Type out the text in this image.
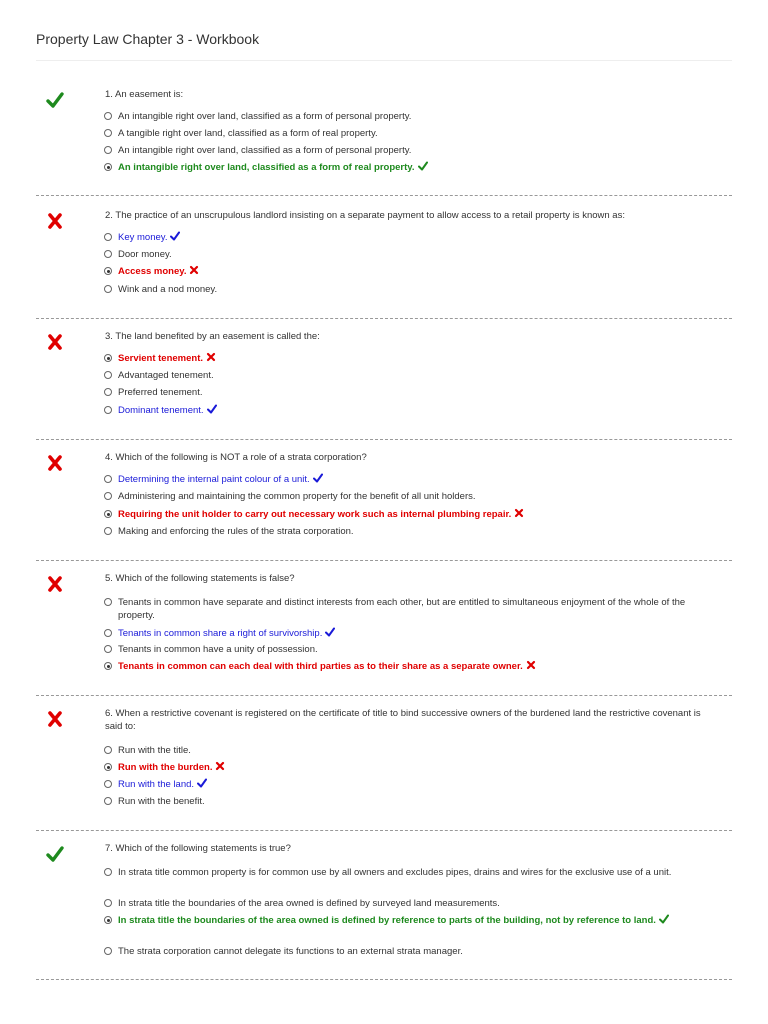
Property Law Chapter 3 - Workbook
1. An easement is:
An intangible right over land, classified as a form of personal property.
A tangible right over land, classified as a form of real property.
An intangible right over land, classified as a form of personal property.
An intangible right over land, classified as a form of real property.
2. The practice of an unscrupulous landlord insisting on a separate payment to allow access to a retail property is known as:
Key money.
Door money.
Access money.
Wink and a nod money.
3. The land benefited by an easement is called the:
Servient tenement.
Advantaged tenement.
Preferred tenement.
Dominant tenement.
4. Which of the following is NOT a role of a strata corporation?
Determining the internal paint colour of a unit.
Administering and maintaining the common property for the benefit of all unit holders.
Requiring the unit holder to carry out necessary work such as internal plumbing repair.
Making and enforcing the rules of the strata corporation.
5. Which of the following statements is false?
Tenants in common have separate and distinct interests from each other, but are entitled to simultaneous enjoyment of the whole of the property.
Tenants in common share a right of survivorship.
Tenants in common have a unity of possession.
Tenants in common can each deal with third parties as to their share as a separate owner.
6. When a restrictive covenant is registered on the certificate of title to bind successive owners of the burdened land the restrictive covenant is said to:
Run with the title.
Run with the burden.
Run with the land.
Run with the benefit.
7. Which of the following statements is true?
In strata title common property is for common use by all owners and excludes pipes, drains and wires for the exclusive use of a unit.
In strata title the boundaries of the area owned is defined by surveyed land measurements.
In strata title the boundaries of the area owned is defined by reference to parts of the building, not by reference to land.
The strata corporation cannot delegate its functions to an external strata manager.
